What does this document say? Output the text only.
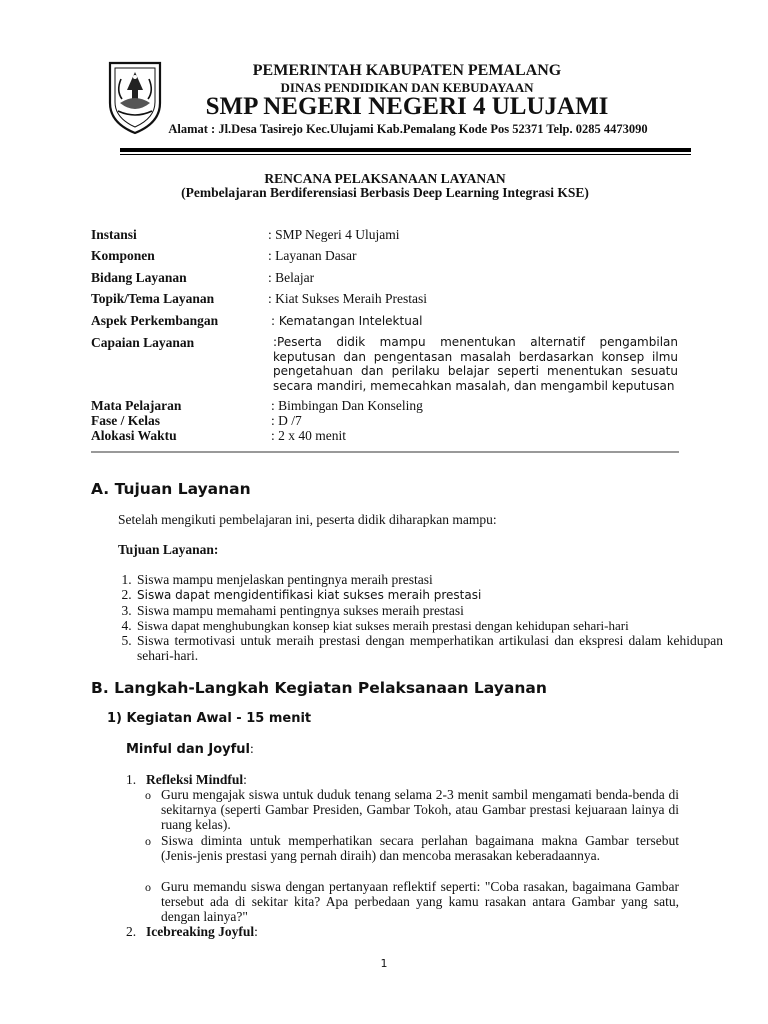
PEMERINTAH KABUPATEN PEMALANG
DINAS PENDIDIKAN DAN KEBUDAYAAN
SMP NEGERI NEGERI 4 ULUJAMI
Alamat : Jl.Desa Tasirejo Kec.Ulujami Kab.Pemalang Kode Pos 52371 Telp. 0285 4473090
RENCANA PELAKSANAAN LAYANAN
(Pembelajaran Berdiferensiasi Berbasis Deep Learning Integrasi KSE)
Instansi	: SMP Negeri 4 Ulujami
Komponen	: Layanan Dasar
Bidang Layanan	: Belajar
Topik/Tema Layanan	: Kiat Sukses Meraih Prestasi
Aspek Perkembangan	: Kematangan Intelektual
Capaian Layanan	:Peserta didik mampu menentukan alternatif pengambilan keputusan dan pengentasan masalah berdasarkan konsep ilmu pengetahuan dan perilaku belajar seperti menentukan sesuatu secara mandiri, memecahkan masalah, dan mengambil keputusan
Mata Pelajaran	: Bimbingan Dan Konseling
Fase / Kelas	: D /7
Alokasi Waktu	: 2 x 40 menit
A. Tujuan Layanan
Setelah mengikuti pembelajaran ini, peserta didik diharapkan mampu:
Tujuan Layanan:
1. Siswa mampu menjelaskan pentingnya meraih prestasi
2. Siswa dapat mengidentifikasi kiat sukses meraih prestasi
3. Siswa mampu memahami pentingnya sukses meraih prestasi
4. Siswa dapat menghubungkan konsep kiat sukses meraih prestasi dengan kehidupan sehari-hari
5. Siswa termotivasi untuk meraih prestasi dengan memperhatikan artikulasi dan ekspresi dalam kehidupan sehari-hari.
B. Langkah-Langkah Kegiatan Pelaksanaan Layanan
1) Kegiatan Awal - 15 menit
Minful dan Joyful:
1. Refleksi Mindful:
o Guru mengajak siswa untuk duduk tenang selama 2-3 menit sambil mengamati benda-benda di sekitarnya (seperti Gambar Presiden, Gambar Tokoh, atau Gambar prestasi kejuaraan lainya di ruang kelas).
o Siswa diminta untuk memperhatikan secara perlahan bagaimana makna Gambar tersebut (Jenis-jenis prestasi yang pernah diraih) dan mencoba merasakan keberadaannya.
o Guru memandu siswa dengan pertanyaan reflektif seperti: "Coba rasakan, bagaimana Gambar tersebut ada di sekitar kita? Apa perbedaan yang kamu rasakan antara Gambar yang satu, dengan lainya?"
2. Icebreaking Joyful:
1
